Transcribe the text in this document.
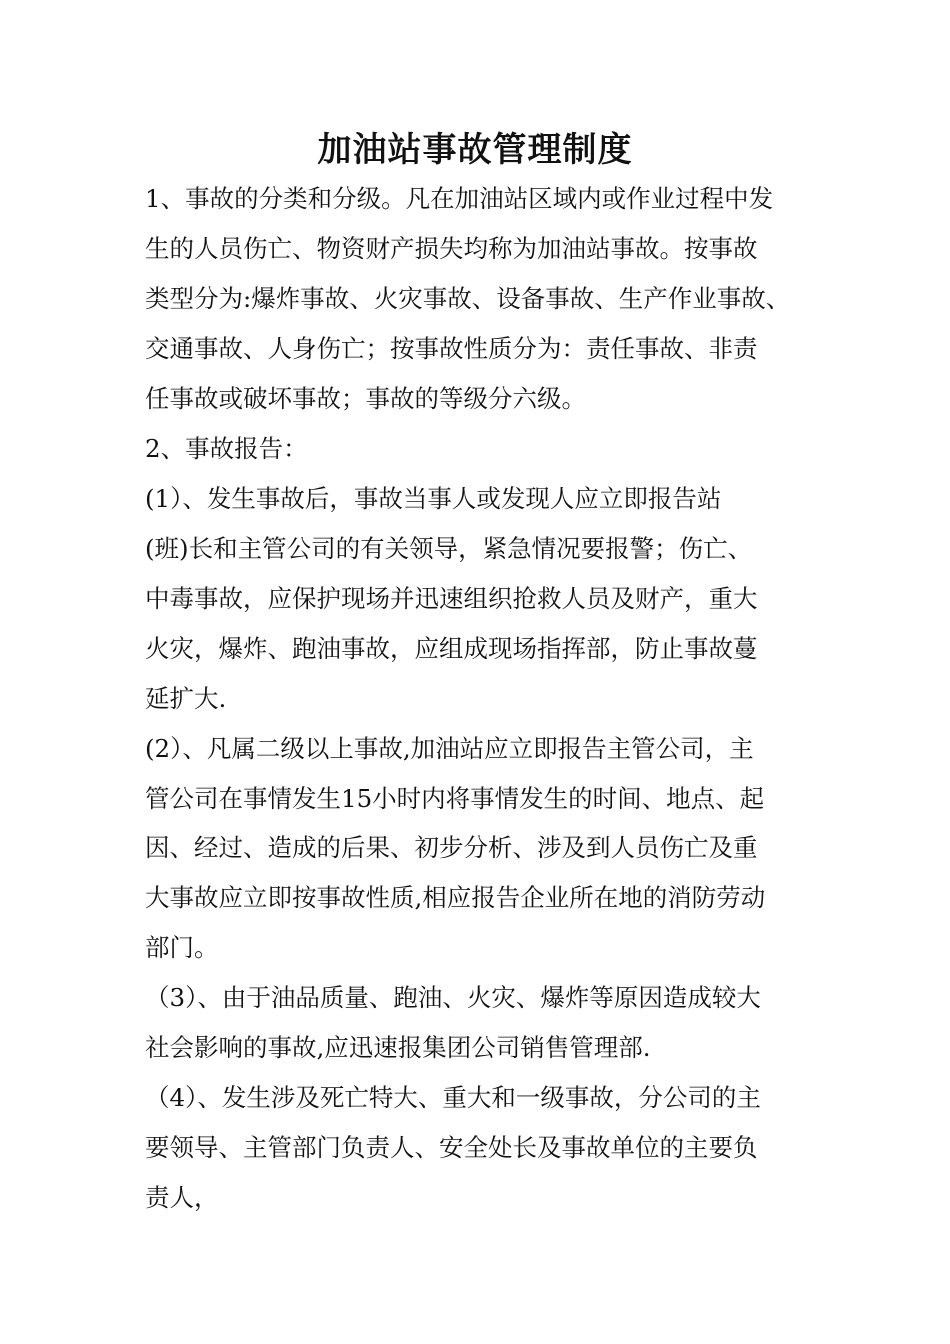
加油站事故管理制度
1、事故的分类和分级。凡在加油站区域内或作业过程中发
生的人员伤亡、物资财产损失均称为加油站事故。按事故
类型分为:爆炸事故、火灾事故、设备事故、生产作业事故、
交通事故、人身伤亡；按事故性质分为：责任事故、非责
任事故或破坏事故；事故的等级分六级。
2、事故报告：
(1）、发生事故后，事故当事人或发现人应立即报告站
(班)长和主管公司的有关领导，紧急情况要报警；伤亡、
中毒事故，应保护现场并迅速组织抢救人员及财产，重大
火灾，爆炸、跑油事故，应组成现场指挥部，防止事故蔓
延扩大.
(2）、凡属二级以上事故,加油站应立即报告主管公司，主
管公司在事情发生15小时内将事情发生的时间、地点、起
因、经过、造成的后果、初步分析、涉及到人员伤亡及重
大事故应立即按事故性质,相应报告企业所在地的消防劳动
部门。
（3）、由于油品质量、跑油、火灾、爆炸等原因造成较大
社会影响的事故,应迅速报集团公司销售管理部.
（4）、发生涉及死亡特大、重大和一级事故，分公司的主
要领导、主管部门负责人、安全处长及事故单位的主要负
责人，
